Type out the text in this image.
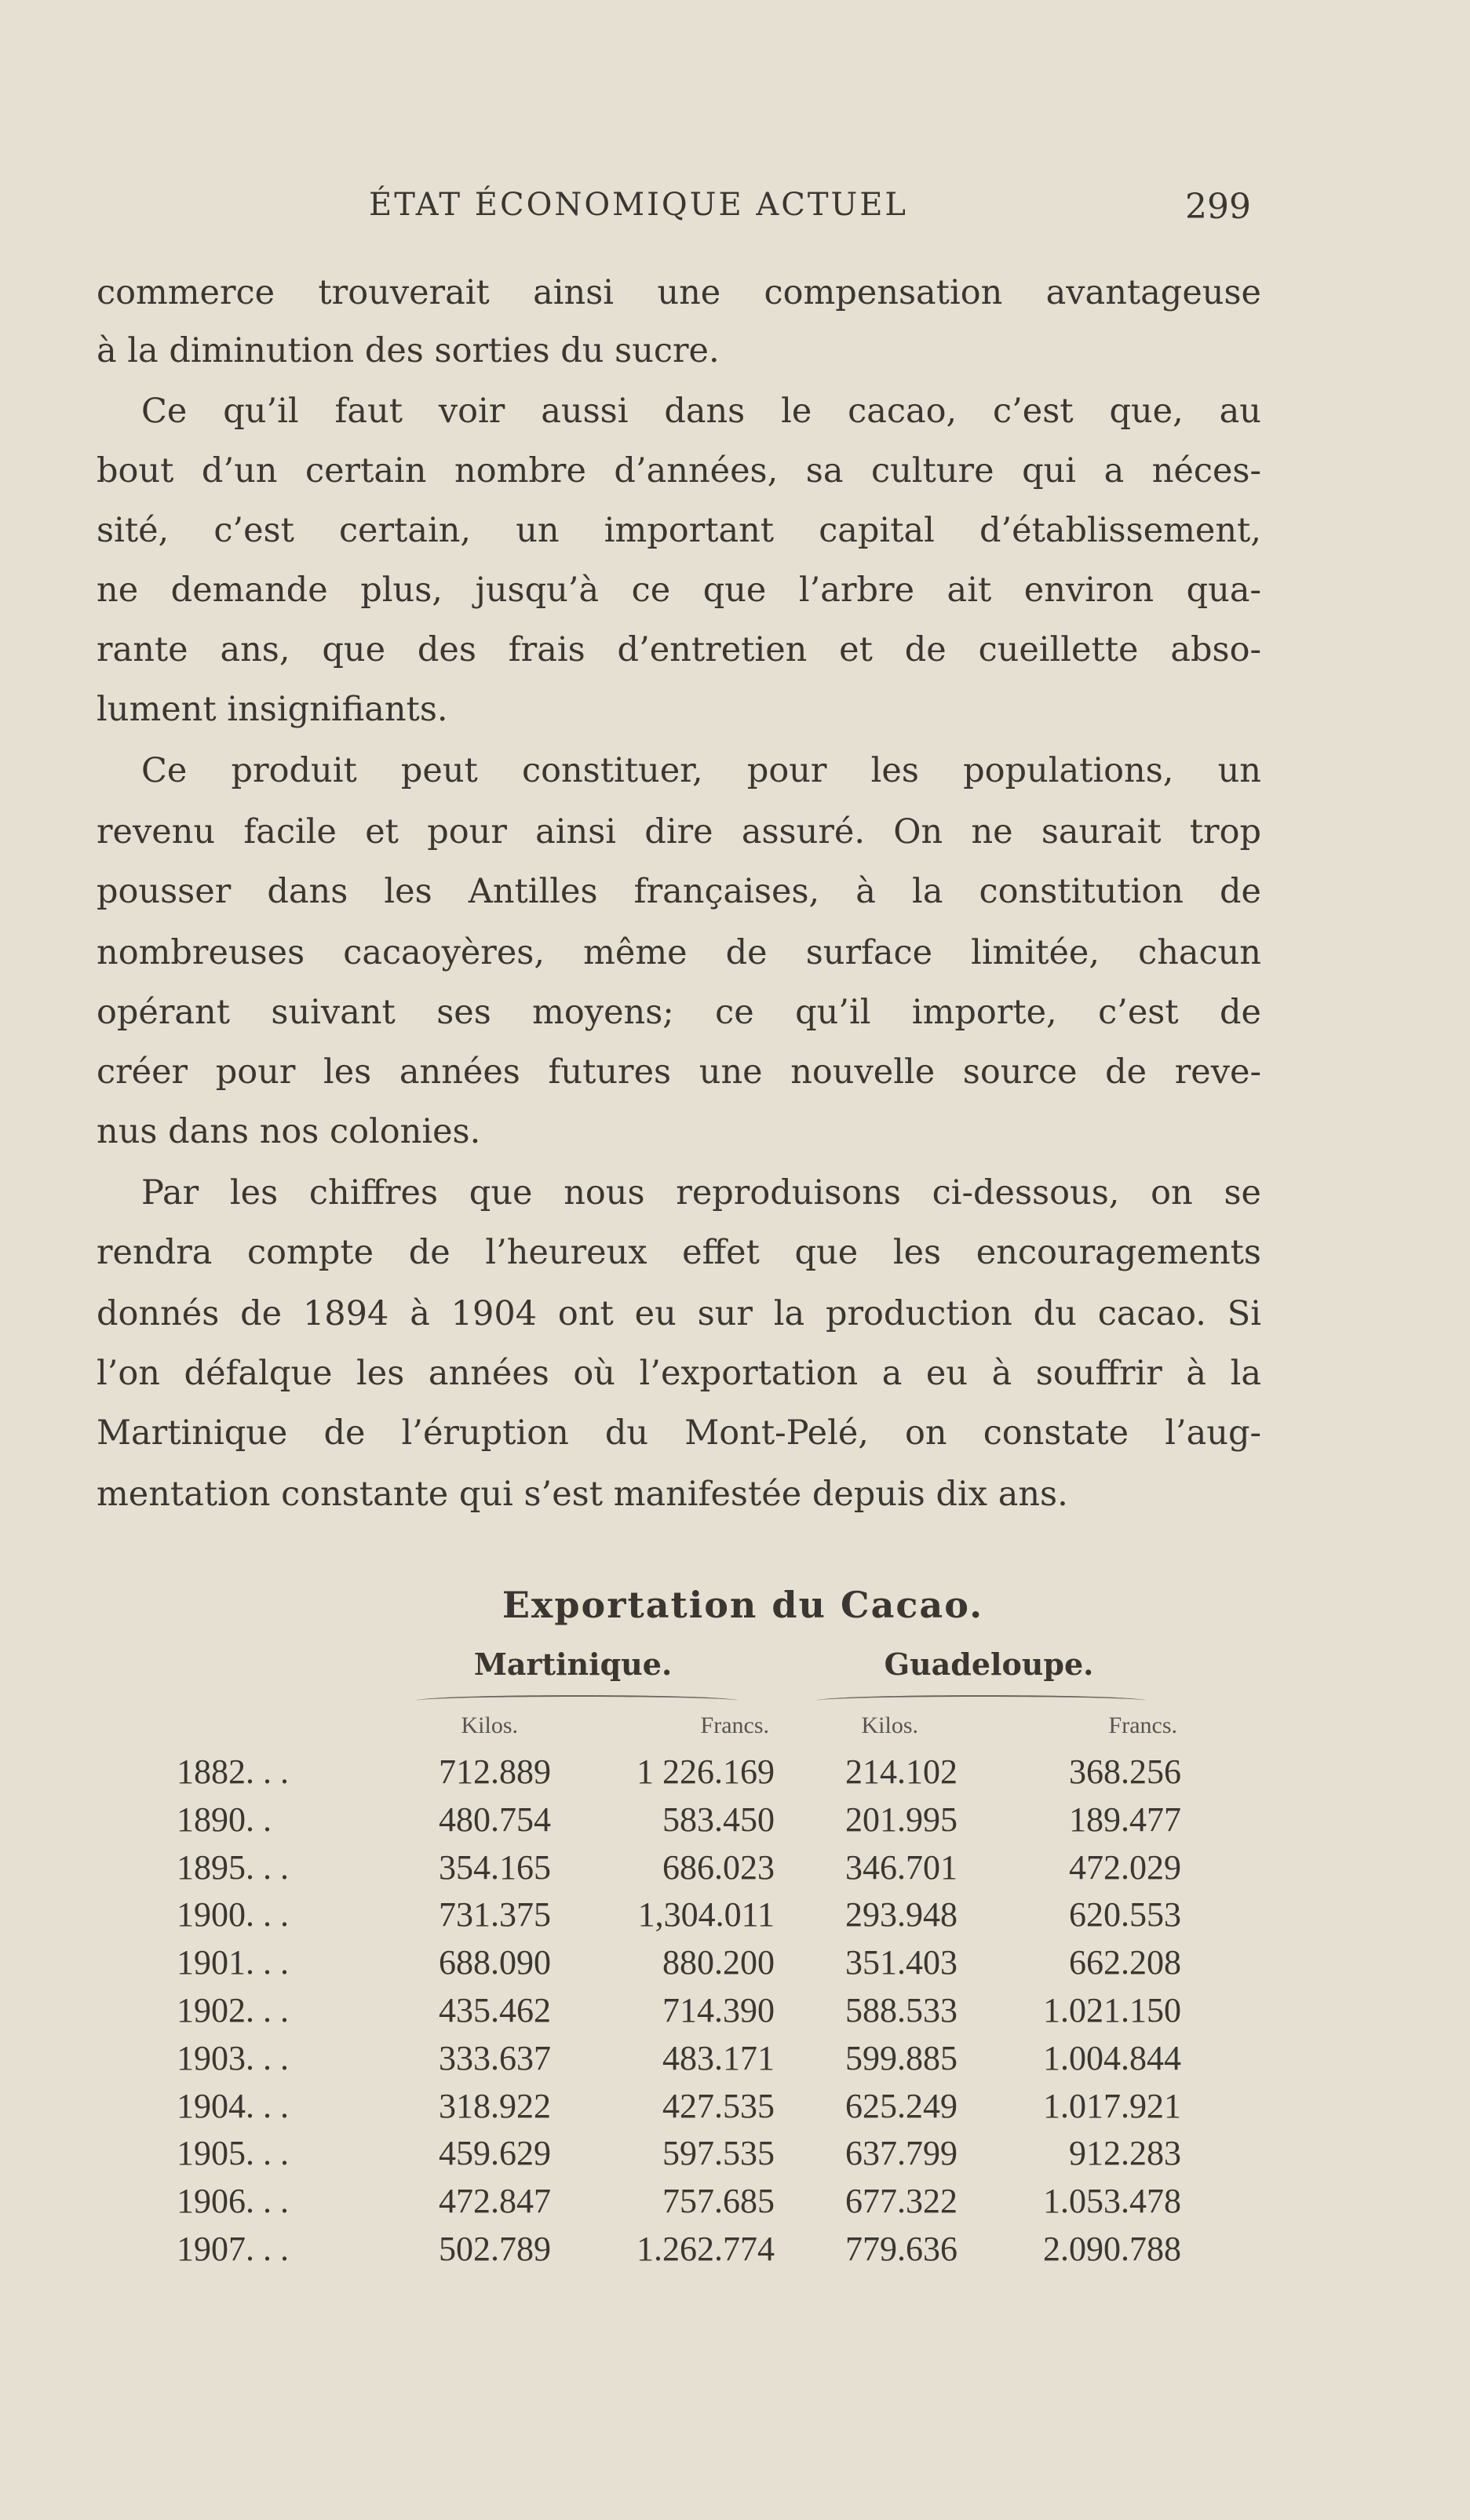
ÉTAT ÉCONOMIQUE ACTUEL	299
commerce trouverait ainsi une compensation avantageuse
à la diminution des sorties du sucre.
Ce qu’il faut voir aussi dans le cacao, c’est que, au
bout d’un certain nombre d’années, sa culture qui a néces-
sité, c’est certain, un important capital d’établissement,
ne demande plus, jusqu’à ce que l’arbre ait environ qua-
rante ans, que des frais d’entretien et de cueillette abso-
lument insignifiants.
Ce produit peut constituer, pour les populations, un
revenu facile et pour ainsi dire assuré. On ne saurait trop
pousser dans les Antilles françaises, à la constitution de
nombreuses cacaoyères, même de surface limitée, chacun
opérant suivant ses moyens; ce qu’il importe, c’est de
créer pour les années futures une nouvelle source de reve-
nus dans nos colonies.
Par les chiffres que nous reproduisons ci-dessous, on se
rendra compte de l’heureux effet que les encouragements
donnés de 1894 à 1904 ont eu sur la production du cacao. Si
l’on défalque les années où l’exportation a eu à souffrir à la
Martinique de l’éruption du Mont-Pelé, on constate l’aug-
mentation constante qui s’est manifestée depuis dix ans.
Exportation du Cacao.
Martinique.	Guadeloupe.
Kilos.	Francs.	Kilos.	Francs.
1882. . .	712.889	1 226.169	214.102	368.256
1890. .	480.754	583.450	201.995	189.477
1895. . .	354.165	686.023	346.701	472.029
1900. . .	731.375	1,304.011	293.948	620.553
1901. . .	688.090	880.200	351.403	662.208
1902. . .	435.462	714.390	588.533	1.021.150
1903. . .	333.637	483.171	599.885	1.004.844
1904. . .	318.922	427.535	625.249	1.017.921
1905. . .	459.629	597.535	637.799	912.283
1906. . .	472.847	757.685	677.322	1.053.478
1907. . .	502.789	1.262.774	779.636	2.090.788
